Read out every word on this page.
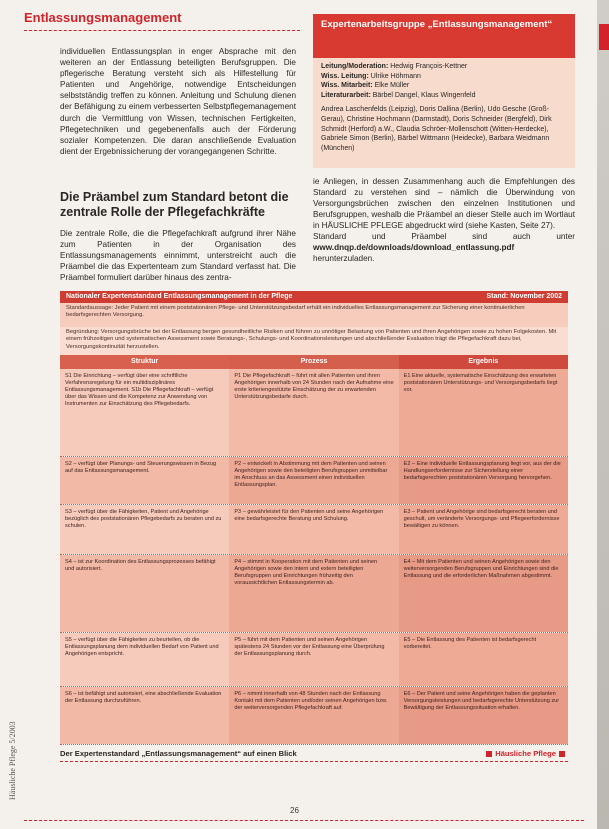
Entlassungsmanagement

individuellen Entlassungsplan in enger Absprache mit den weiteren an der Entlassung beteiligten Berufsgruppen. Die pflegerische Beratung versteht sich als Hilfestellung für Patienten und Angehörige, notwendige Entscheidungen selbstständig treffen zu können. Anleitung und Schulung dienen der Befähigung zu einem verbesserten Selbstpflegemanagement durch die Vermittlung von Wissen, technischen Fertigkeiten, Pflegetechniken und gegebenenfalls auch der Förderung sozialer Kompetenzen. Die daran anschließende Evaluation dient der Ergebnissicherung der vorangegangenen Schritte.

Die Präambel zum Standard betont die zentrale Rolle der Pflegefachkräfte

Die zentrale Rolle, die die Pflegefachkraft aufgrund ihrer Nähe zum Patienten in der Organisation des Entlassungsmanagements einnimmt, unterstreicht auch die Präambel die das Expertenteam zum Standard verfasst hat. Die Präambel formuliert darüber hinaus des zentra-

Expertenarbeitsgruppe „Entlassungsmanagement“
Leitung/Moderation: Hedwig François-Kettner
Wiss. Leitung: Ulrike Höhmann
Wiss. Mitarbeit: Elke Müller
Literaturarbeit: Bärbel Dangel, Klaus Wingenfeld
Andrea Laschenfelds (Leipzig), Doris Dallina (Berlin), Udo Gesche (Groß-Gerau), Christine Hochmann (Darmstadt), Doris Schneider (Bergfeld), Dirk Schmidt (Herford) a.W., Claudia Schröer-Mollenschott (Witten-Herdecke), Gabriele Simon (Berlin), Bärbel Wittmann (Heidecke), Barbara Weidmann (München)

ie Anliegen, in dessen Zusammenhang auch die Empfehlungen des Standard zu verstehen sind – nämlich die Überwindung von Versorgungsbrüchen zwischen den einzelnen Institutionen und Berufsgruppen, weshalb die Präambel an dieser Stelle auch im Wortlaut in HÄUSLICHE PFLEGE abgedruckt wird (siehe Kasten, Seite 27).

Standard und Präambel sind auch unter www.dnqp.de/downloads/download_entlassung.pdf herunterzuladen.

Nationaler Expertenstandard Entlassungsmanagement in der Pflege	Stand: November 2002
Standardaussage: Jeder Patient mit einem poststationären Pflege- und Unterstützungsbedarf erhält ein individuelles Entlassungsmanagement zur Sicherung einer kontinuierlichen bedarfsgerechten Versorgung.
Begründung: Versorgungsbrüche bei der Entlassung bergen gesundheitliche Risiken und führen zu unnötiger Belastung von Patienten und ihren Angehörigen sowie zu hohen Folgekosten. Mit einem frühzeitigen und systematischen Assessment sowie Beratungs-, Schulungs- und Koordinationsleistungen und abschließender Evaluation trägt die Pflegefachkraft dazu bei, Versorgungskontinuität herzustellen.
Struktur	Prozess	Ergebnis
S1 Die Einrichtung – verfügt über eine schriftliche Verfahrensregelung für ein multidisziplinäres Entlassungsmanagement. S1b Die Pflegefachkraft – verfügt über das Wissen und die Kompetenz zur Anwendung von Instrumenten zur Einschätzung des Pflegebedarfs.
P1 Die Pflegefachkraft – führt mit allen Patienten und ihren Angehörigen innerhalb von 24 Stunden nach der Aufnahme eine erste kriteriengestützte Einschätzung der zu erwartenden Unterstützungsbedarfe durch.
E1 Eine aktuelle, systematische Einschätzung des erwarteten poststationären Unterstützungs- und Versorgungsbedarfs liegt vor.
S2 – verfügt über Planungs- und Steuerungswissen in Bezug auf das Entlassungsmanagement.
P2 – entwickelt in Abstimmung mit dem Patienten und seinen Angehörigen sowie den beteiligten Berufsgruppen unmittelbar im Anschluss an das Assessment einen individuellen Entlassungsplan.
E2 – Eine individuelle Entlassungsplanung liegt vor, aus der die Handlungserfordernisse zur Sicherstellung einer bedarfsgerechten poststationären Versorgung hervorgehen.
S3 – verfügt über die Fähigkeiten, Patient und Angehörige bezüglich des poststationären Pflegebedarfs zu beraten und zu schulen.
P3 – gewährleistet für den Patienten und seine Angehörigen eine bedarfsgerechte Beratung und Schulung.
E3 – Patient und Angehörige sind bedarfsgerecht beraten und geschult, um veränderte Versorgungs- und Pflegeerfordernisse bewältigen zu können.
S4 – ist zur Koordination des Entlassungsprozesses befähigt und autorisiert.
P4 – stimmt in Kooperation mit dem Patienten und seinen Angehörigen sowie den intern und extern beteiligten Berufsgruppen und Einrichtungen frühzeitig den voraussichtlichen Entlassungstermin ab.
E4 – Mit dem Patienten und seinen Angehörigen sowie den weiterversorgenden Berufsgruppen und Einrichtungen sind die Entlassung und die erforderlichen Maßnahmen abgestimmt.
S5 – verfügt über die Fähigkeiten zu beurteilen, ob die Entlassungsplanung dem individuellen Bedarf von Patient und Angehörigen entspricht.
P5 – führt mit dem Patienten und seinen Angehörigen spätestens 24 Stunden vor der Entlassung eine Überprüfung der Entlassungsplanung durch.
E5 – Die Entlassung des Patienten ist bedarfsgerecht vorbereitet.
S6 – ist befähigt und autorisiert, eine abschließende Evaluation der Entlassung durchzuführen.
P6 – nimmt innerhalb von 48 Stunden nach der Entlassung Kontakt mit dem Patienten und/oder seinen Angehörigen bzw. der weiterversorgenden Pflegefachkraft auf.
E6 – Der Patient und seine Angehörigen haben die geplanten Versorgungsleistungen und bedarfsgerechte Unterstützung zur Bewältigung der Entlassungssituation erhalten.
Der Expertenstandard „Entlassungsmanagement“ auf einen Blick	Häusliche Pflege
Häusliche Pflege 5/2003
26
